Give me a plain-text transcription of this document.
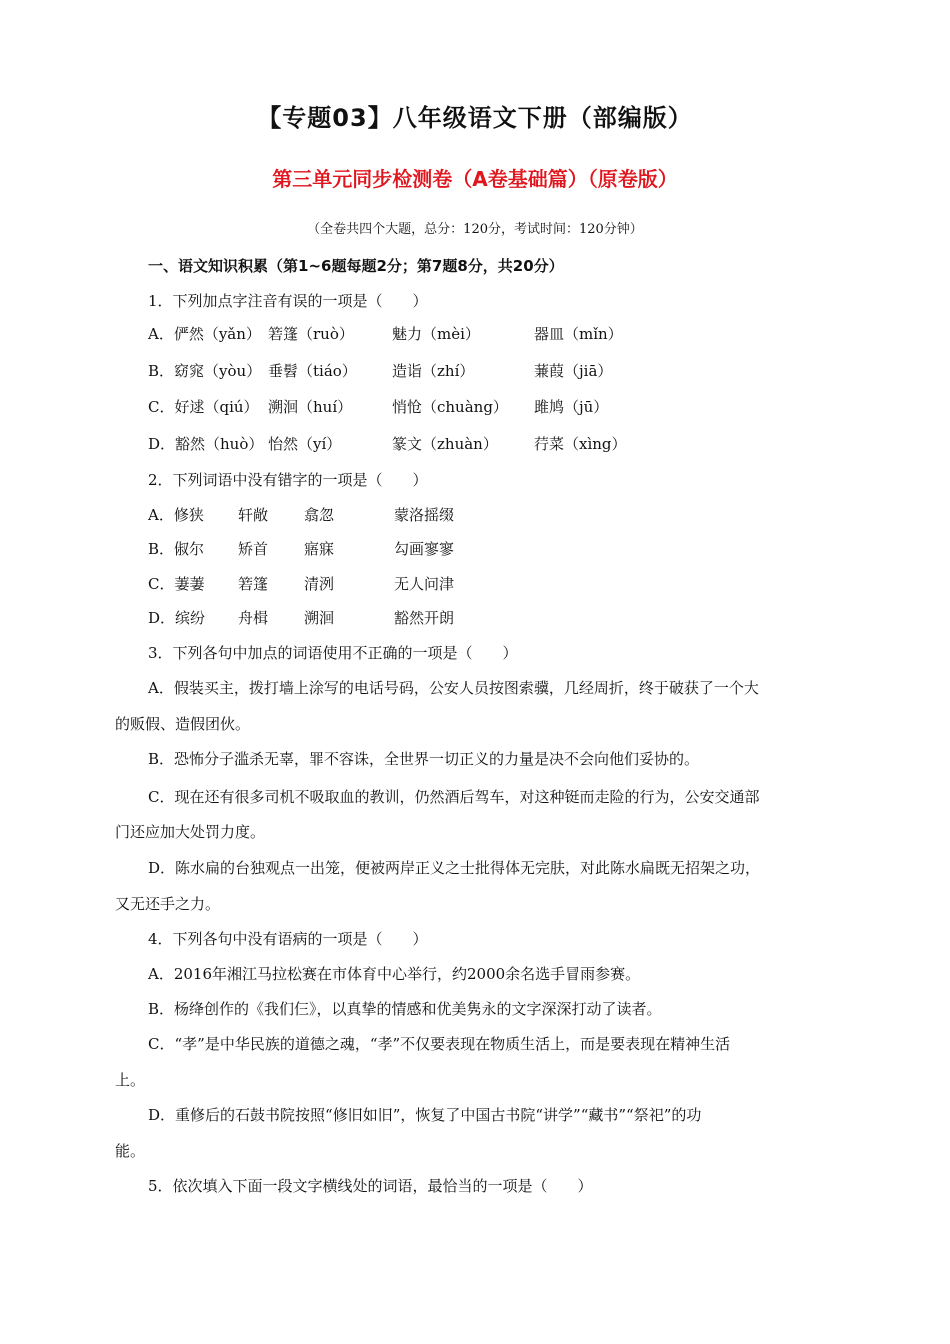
【专题03】八年级语文下册（部编版）
第三单元同步检测卷（A卷基础篇）（原卷版）
（全卷共四个大题，总分：120分，考试时间：120分钟）
一、语文知识积累（第1~6题每题2分；第7题8分，共20分）
1．下列加点字注音有误的一项是（　　）
A．俨然（yǎn） 箬篷（ruò）	魅力（mèi）	器皿（mǐn）
B．窈窕（yòu） 垂髫（tiáo） 造诣（zhí）	蒹葭（jiā）
C．好逑（qiú） 溯洄（huí）	悄怆（chuàng） 雎鸠（jū）
D．豁然（huò） 怡然（yí）	篆文（zhuàn） 荇菜（xìng）
2．下列词语中没有错字的一项是（　　）
A．修狭 轩敞 翕忽	蒙洛摇缀
B．俶尔 矫首 寤寐	勾画寥寥
C．萋萋 箬篷 清洌	无人问津
D．缤纷 舟楫 溯洄	豁然开朗
3．下列各句中加点的词语使用不正确的一项是（　　）
A．假装买主，拨打墙上涂写的电话号码，公安人员按图索骥，几经周折，终于破获了一个大
的贩假、造假团伙。
B．恐怖分子滥杀无辜，罪不容诛，全世界一切正义的力量是决不会向他们妥协的。
C．现在还有很多司机不吸取血的教训，仍然酒后驾车，对这种铤而走险的行为，公安交通部
门还应加大处罚力度。
D．陈水扁的台独观点一出笼，便被两岸正义之士批得体无完肤，对此陈水扁既无招架之功，
又无还手之力。
4．下列各句中没有语病的一项是（　　）
A．2016年湘江马拉松赛在市体育中心举行，约2000余名选手冒雨参赛。
B．杨绛创作的《我们仨》，以真挚的情感和优美隽永的文字深深打动了读者。
C．“孝”是中华民族的道德之魂，“孝”不仅要表现在物质生活上，而是要表现在精神生活
上。
D．重修后的石鼓书院按照“修旧如旧”，恢复了中国古书院“讲学”“藏书”“祭祀”的功
能。
5．依次填入下面一段文字横线处的词语，最恰当的一项是（　　）
